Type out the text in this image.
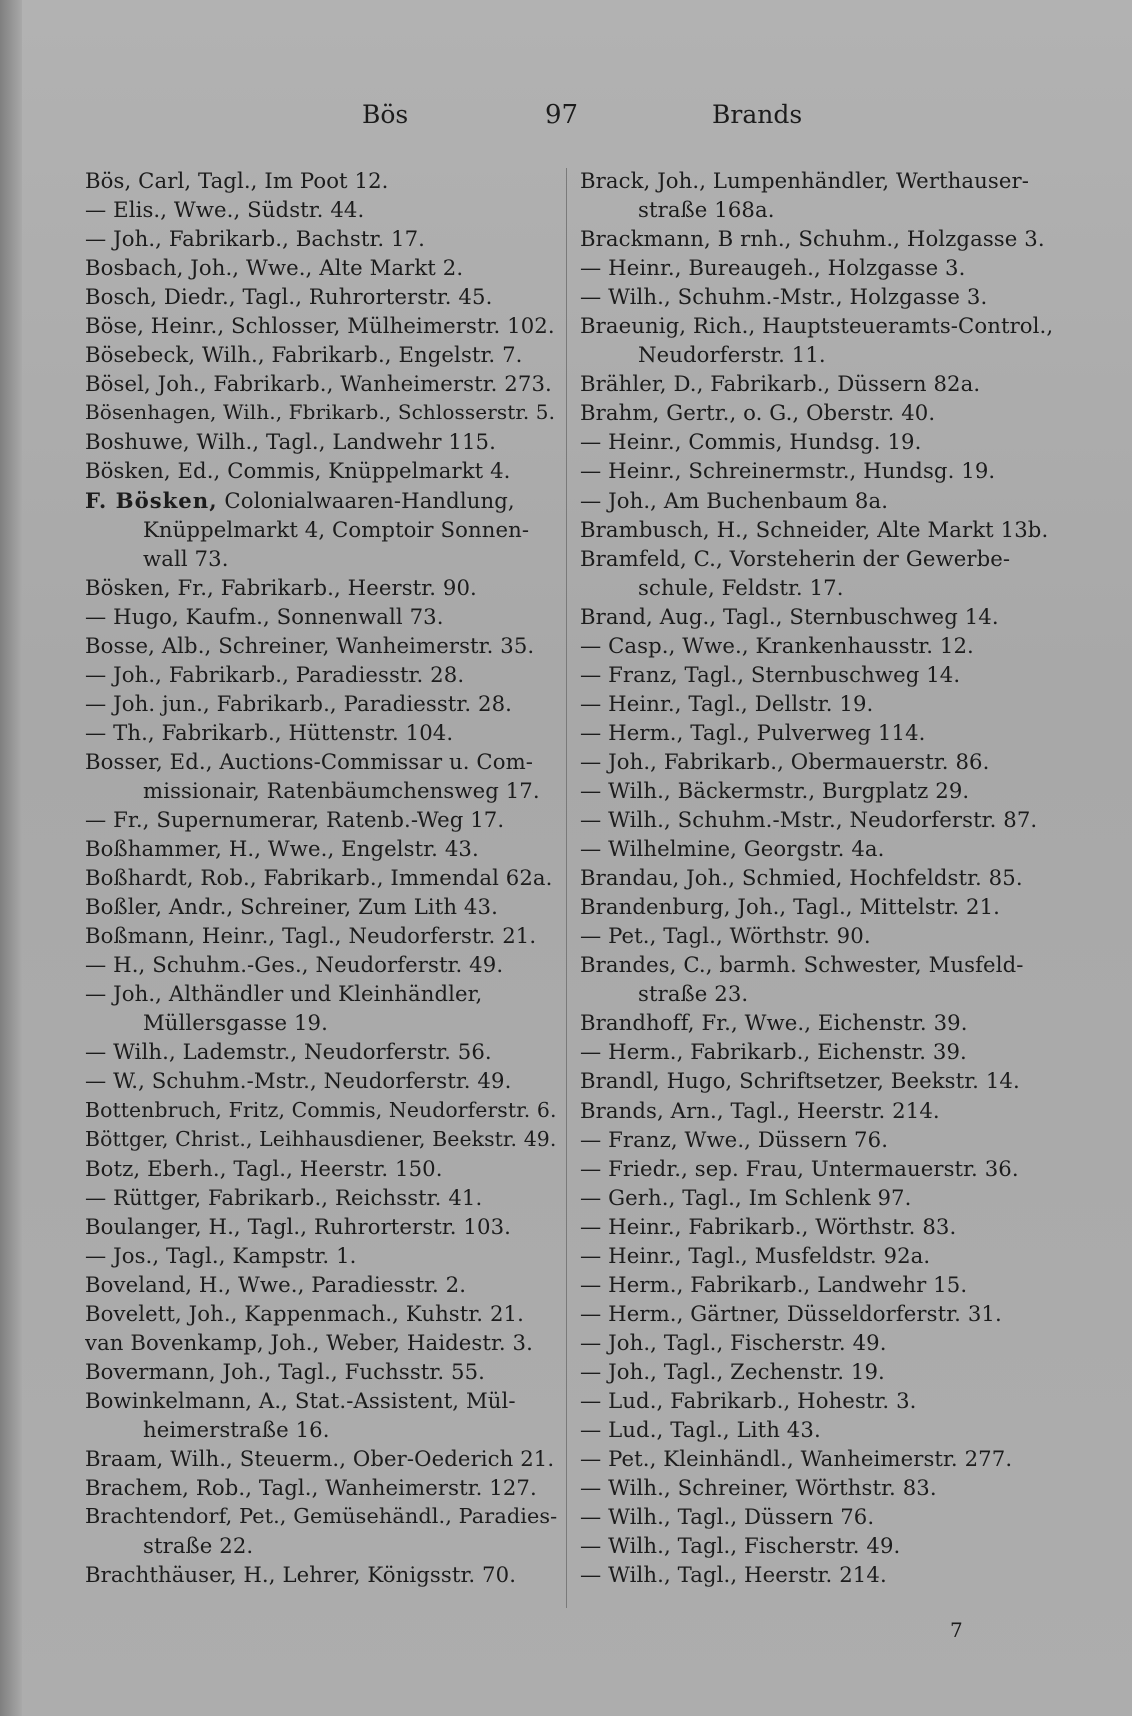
Bös	97	Brands
Bös, Carl, Tagl., Im Poot 12.
— Elis., Wwe., Südstr. 44.
— Joh., Fabrikarb., Bachstr. 17.
Bosbach, Joh., Wwe., Alte Markt 2.
Bosch, Diedr., Tagl., Ruhrorterstr. 45.
Böse, Heinr., Schlosser, Mülheimerstr. 102.
Bösebeck, Wilh., Fabrikarb., Engelstr. 7.
Bösel, Joh., Fabrikarb., Wanheimerstr. 273.
Bösenhagen, Wilh., Fbrikarb., Schlosserstr. 5.
Boshuwe, Wilh., Tagl., Landwehr 115.
Bösken, Ed., Commis, Knüppelmarkt 4.
F. Bösken, Colonialwaaren-Handlung,
Knüppelmarkt 4, Comptoir Sonnen-
wall 73.
Bösken, Fr., Fabrikarb., Heerstr. 90.
— Hugo, Kaufm., Sonnenwall 73.
Bosse, Alb., Schreiner, Wanheimerstr. 35.
— Joh., Fabrikarb., Paradiesstr. 28.
— Joh. jun., Fabrikarb., Paradiesstr. 28.
— Th., Fabrikarb., Hüttenstr. 104.
Bosser, Ed., Auctions-Commissar u. Com-
missionair, Ratenbäumchensweg 17.
— Fr., Supernumerar, Ratenb.-Weg 17.
Boßhammer, H., Wwe., Engelstr. 43.
Boßhardt, Rob., Fabrikarb., Immendal 62a.
Boßler, Andr., Schreiner, Zum Lith 43.
Boßmann, Heinr., Tagl., Neudorferstr. 21.
— H., Schuhm.-Ges., Neudorferstr. 49.
— Joh., Althändler und Kleinhändler,
Müllersgasse 19.
— Wilh., Lademstr., Neudorferstr. 56.
— W., Schuhm.-Mstr., Neudorferstr. 49.
Bottenbruch, Fritz, Commis, Neudorferstr. 6.
Böttger, Christ., Leihhausdiener, Beekstr. 49.
Botz, Eberh., Tagl., Heerstr. 150.
— Rüttger, Fabrikarb., Reichsstr. 41.
Boulanger, H., Tagl., Ruhrorterstr. 103.
— Jos., Tagl., Kampstr. 1.
Boveland, H., Wwe., Paradiesstr. 2.
Bovelett, Joh., Kappenmach., Kuhstr. 21.
van Bovenkamp, Joh., Weber, Haidestr. 3.
Bovermann, Joh., Tagl., Fuchsstr. 55.
Bowinkelmann, A., Stat.-Assistent, Mül-
heimerstraße 16.
Braam, Wilh., Steuerm., Ober-Oederich 21.
Brachem, Rob., Tagl., Wanheimerstr. 127.
Brachtendorf, Pet., Gemüsehändl., Paradies-
straße 22.
Brachthäuser, H., Lehrer, Königsstr. 70.
Brack, Joh., Lumpenhändler, Werthauser-
straße 168a.
Brackmann, B rnh., Schuhm., Holzgasse 3.
— Heinr., Bureaugeh., Holzgasse 3.
— Wilh., Schuhm.-Mstr., Holzgasse 3.
Braeunig, Rich., Hauptsteueramts-Control.,
Neudorferstr. 11.
Brähler, D., Fabrikarb., Düssern 82a.
Brahm, Gertr., o. G., Oberstr. 40.
— Heinr., Commis, Hundsg. 19.
— Heinr., Schreinermstr., Hundsg. 19.
— Joh., Am Buchenbaum 8a.
Brambusch, H., Schneider, Alte Markt 13b.
Bramfeld, C., Vorsteherin der Gewerbe-
schule, Feldstr. 17.
Brand, Aug., Tagl., Sternbuschweg 14.
— Casp., Wwe., Krankenhausstr. 12.
— Franz, Tagl., Sternbuschweg 14.
— Heinr., Tagl., Dellstr. 19.
— Herm., Tagl., Pulverweg 114.
— Joh., Fabrikarb., Obermauerstr. 86.
— Wilh., Bäckermstr., Burgplatz 29.
— Wilh., Schuhm.-Mstr., Neudorferstr. 87.
— Wilhelmine, Georgstr. 4a.
Brandau, Joh., Schmied, Hochfeldstr. 85.
Brandenburg, Joh., Tagl., Mittelstr. 21.
— Pet., Tagl., Wörthstr. 90.
Brandes, C., barmh. Schwester, Musfeld-
straße 23.
Brandhoff, Fr., Wwe., Eichenstr. 39.
— Herm., Fabrikarb., Eichenstr. 39.
Brandl, Hugo, Schriftsetzer, Beekstr. 14.
Brands, Arn., Tagl., Heerstr. 214.
— Franz, Wwe., Düssern 76.
— Friedr., sep. Frau, Untermauerstr. 36.
— Gerh., Tagl., Im Schlenk 97.
— Heinr., Fabrikarb., Wörthstr. 83.
— Heinr., Tagl., Musfeldstr. 92a.
— Herm., Fabrikarb., Landwehr 15.
— Herm., Gärtner, Düsseldorferstr. 31.
— Joh., Tagl., Fischerstr. 49.
— Joh., Tagl., Zechenstr. 19.
— Lud., Fabrikarb., Hohestr. 3.
— Lud., Tagl., Lith 43.
— Pet., Kleinhändl., Wanheimerstr. 277.
— Wilh., Schreiner, Wörthstr. 83.
— Wilh., Tagl., Düssern 76.
— Wilh., Tagl., Fischerstr. 49.
— Wilh., Tagl., Heerstr. 214.
7
